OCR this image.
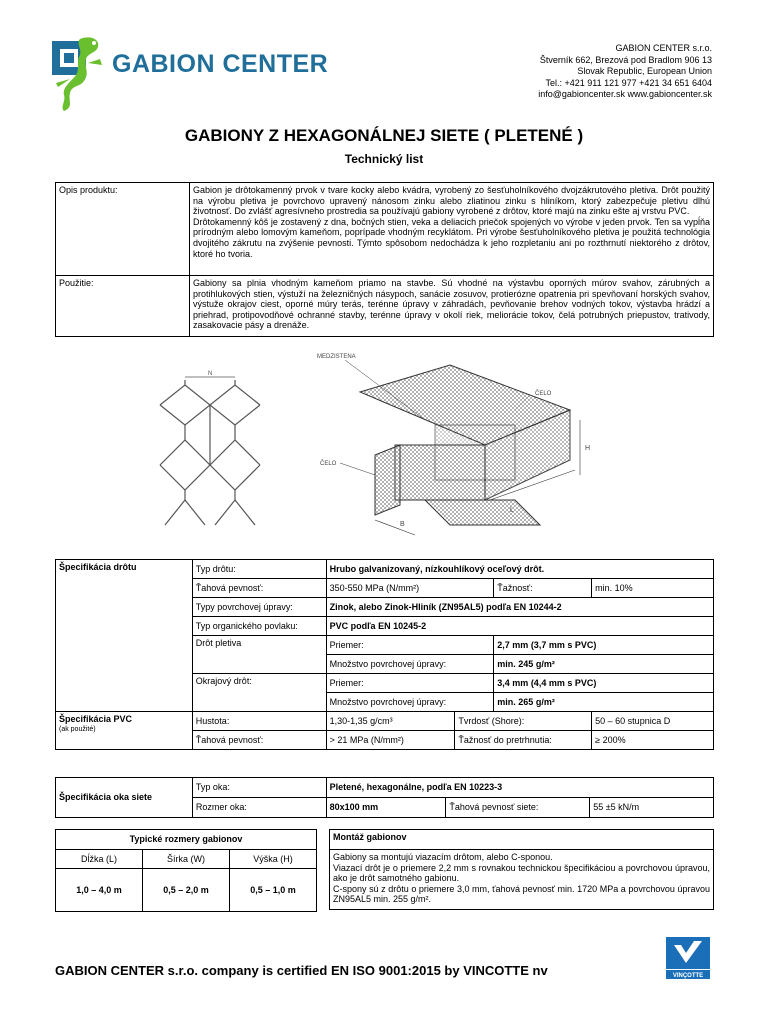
GABION CENTER
GABION CENTER s.r.o.
Štverník 662, Brezová pod Bradlom 906 13
Slovak Republic, European Union
Tel.: +421 911 121 977 +421 34 651 6404
info@gabioncenter.sk www.gabioncenter.sk
GABIONY Z HEXAGONÁLNEJ SIETE ( PLETENÉ )
Technický list
Opis produktu:	Gabion je drôtokamenný prvok v tvare kocky alebo kvádra, vyrobený zo šesťuholníkového dvojzákrutového pletiva. Drôt použitý na výrobu pletiva je povrchovo upravený nánosom zinku alebo zliatinou zinku s hliníkom, ktorý zabezpečuje pletivu dlhú životnosť. Do zvlášť agresívneho prostredia sa používajú gabiony vyrobené z drôtov, ktoré majú na zinku ešte aj vrstvu PVC.
Drôtokamenný kôš je zostavený z dna, bočných stien, veka a deliacich priečok spojených vo výrobe v jeden prvok. Ten sa vypĺňa prírodným alebo lomovým kameňom, poprípade vhodným recyklátom. Pri výrobe šesťuholníkového pletiva je použitá technológia dvojitého zákrutu na zvýšenie pevnosti. Týmto spôsobom nedochádza k jeho rozpletaniu ani po rozthrnutí niektorého z drôtov, ktoré ho tvoria.

Použitie:	Gabiony sa plnia vhodným kameňom priamo na stavbe. Sú vhodné na výstavbu oporných múrov svahov, zárubných a protihlukových stien, výstuží na železničných násypoch, sanácie zosuvov, protierózne opatrenia pri spevňovaní horských svahov, výstuže okrajov ciest, oporné múry terás, terénne úpravy v záhradách, pevňovanie brehov vodných tokov, výstavba hrádzí a priehrad, protipovodňové ochranné stavby, terénne úpravy v okolí riek, meliorácie tokov, čelá potrubných priepustov, trativody, zasakovacie pásy a drenáže.
N
MEDZISTENA
ČELO
ČELO
H
L
B
Špecifikácia drôtu	Typ drôtu:	Hrubo galvanizovaný, nízkouhlíkový oceľový drôt.			
	Ťahová pevnosť:	350-550 MPa (N/mm²)		Ťažnosť:	min. 10%
	Typy povrchovej úpravy:	Zinok, alebo Zinok-Hliník (ZN95AL5) podľa EN 10244-2			
	Typ organického povlaku:	PVC podľa EN 10245-2			
	Drôt pletiva	Priemer:		2,7 mm (3,7 mm s PVC)	
		Množstvo povrchovej úpravy:		min. 245 g/m²	
	Okrajový drôt:	Priemer:		3,4 mm (4,4 mm s PVC)	
		Množstvo povrchovej úpravy:		min. 265 g/m²	

Špecifikácia PVC
(ak použité)	Hustota:	1,30-1,35 g/cm³	Tvrdosť (Shore):		50 – 60 stupnica D
	Ťahová pevnosť:	> 21 MPa (N/mm²)	Ťažnosť do pretrhnutia:		≥ 200%
Špecifikácia oka siete	Typ oka:	Pletené, hexagonálne, podľa EN 10223-3		
	Rozmer oka:	80x100 mm	Ťahová pevnosť siete:	55 ±5 kN/m
Typické rozmery gabionov		
Dĺžka (L)	Šírka (W)	Výška (H)
1,0 – 4,0 m	0,5 – 2,0 m	0,5 – 1,0 m
Montáž gabionov

Gabiony sa montujú viazacím drôtom, alebo C-sponou.
Viazací drôt je o priemere 2,2 mm s rovnakou technickou špecifikáciou a povrchovou úpravou, ako je drôt samotného gabionu.
C-spony sú z drôtu o priemere 3,0 mm, ťahová pevnosť min. 1720 MPa a povrchovou úpravou ZN95AL5 min. 255 g/m².
GABION CENTER s.r.o. company is certified EN ISO 9001:2015 by VINCOTTE nv	VINÇOTTE
